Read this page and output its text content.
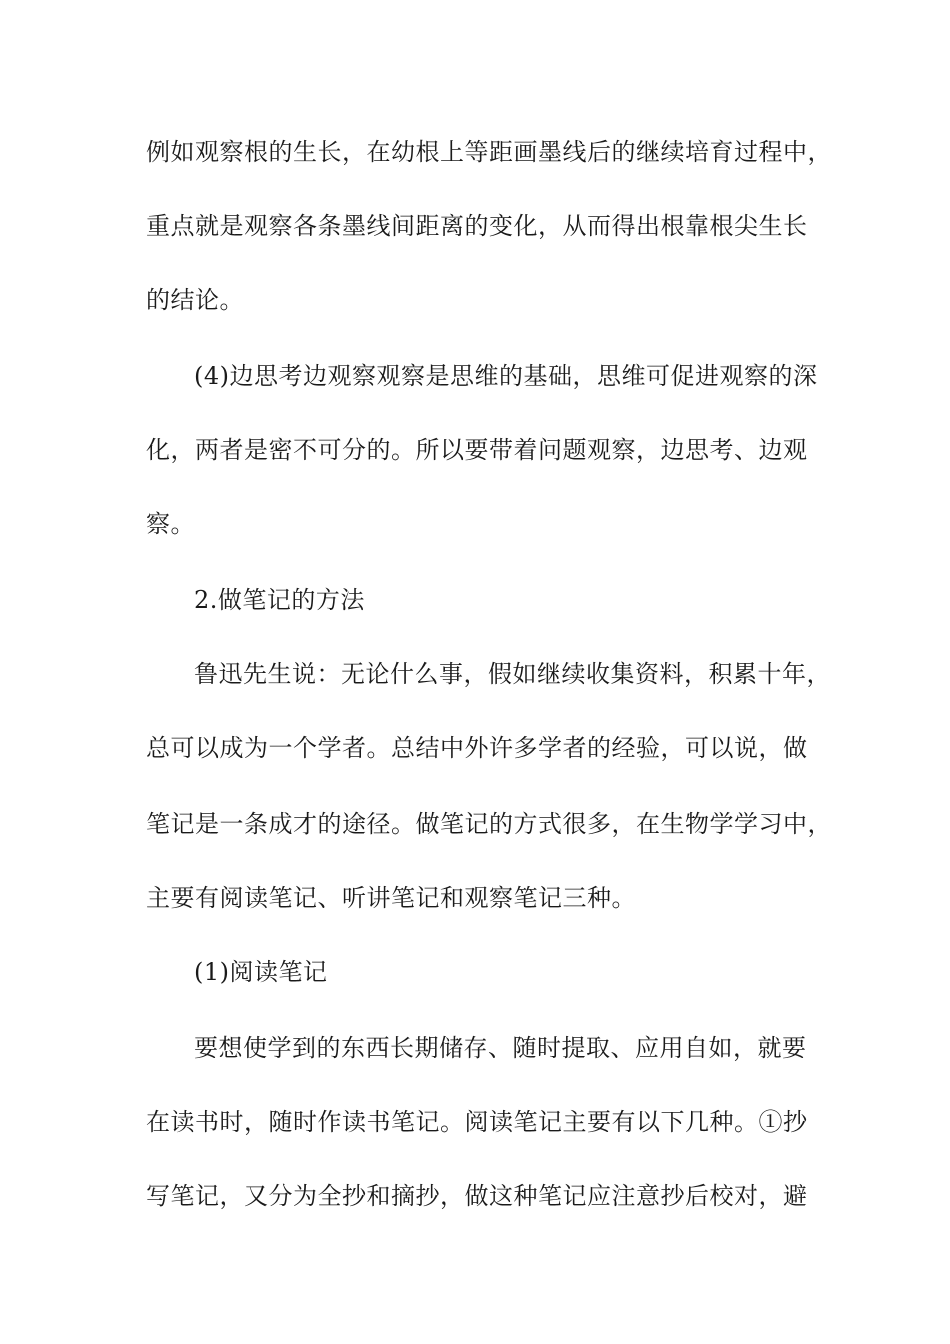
例如观察根的生长，在幼根上等距画墨线后的继续培育过程中，
重点就是观察各条墨线间距离的变化，从而得出根靠根尖生长
的结论。
(4)边思考边观察观察是思维的基础，思维可促进观察的深
化，两者是密不可分的。所以要带着问题观察，边思考、边观
察。
2.做笔记的方法
鲁迅先生说：无论什么事，假如继续收集资料，积累十年，
总可以成为一个学者。总结中外许多学者的经验，可以说，做
笔记是一条成才的途径。做笔记的方式很多，在生物学学习中，
主要有阅读笔记、听讲笔记和观察笔记三种。
(1)阅读笔记
要想使学到的东西长期储存、随时提取、应用自如，就要
在读书时，随时作读书笔记。阅读笔记主要有以下几种。①抄
写笔记，又分为全抄和摘抄，做这种笔记应注意抄后校对，避
